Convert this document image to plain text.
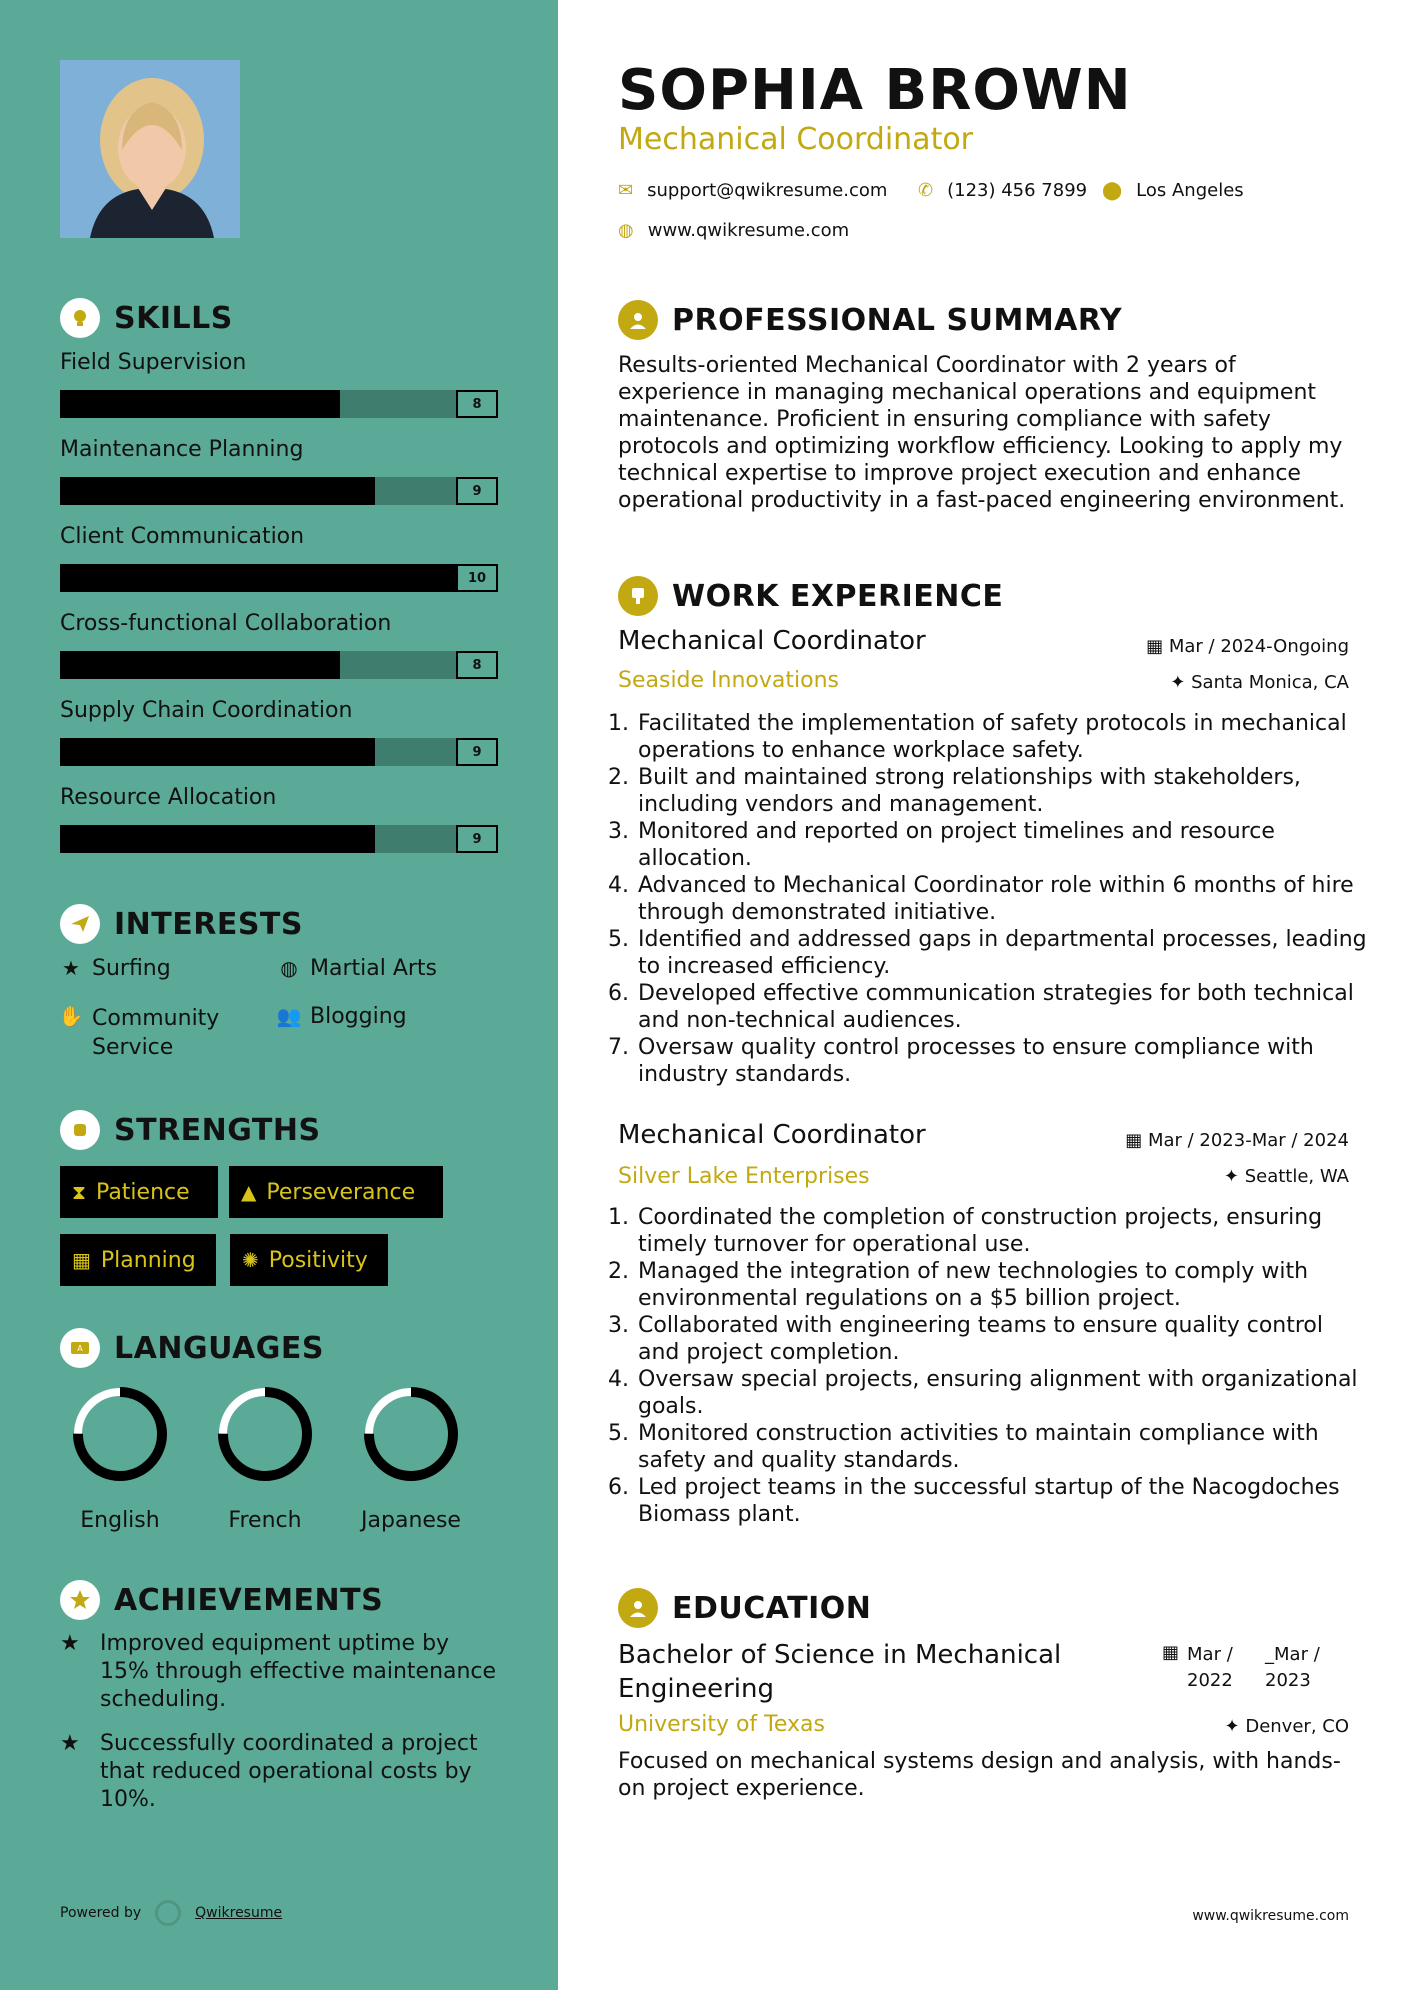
SKILLS
Field Supervision
8
Maintenance Planning
9
Client Communication
10
Cross-functional Collaboration
8
Supply Chain Coordination
9
Resource Allocation
9
INTERESTS
★ Surfing	◍ Martial Arts
✋ Community Service
👥 Blogging
STRENGTHS
⧗ Patience	▲ Perseverance
▦ Planning ✺ Positivity
A LANGUAGES
English	French	Japanese
ACHIEVEMENTS
★ Improved equipment uptime by 15% through effective maintenance scheduling.
★ Successfully coordinated a project that reduced operational costs by 10%.
Powered by	Qwikresume
SOPHIA BROWN
Mechanical Coordinator
✉ support@qwikresume.com ✆ (123) 456 7899 ⬤ Los Angeles
◍ www.qwikresume.com
PROFESSIONAL SUMMARY
Results-oriented Mechanical Coordinator with 2 years of experience in managing mechanical operations and equipment maintenance. Proficient in ensuring compliance with safety protocols and optimizing workflow efficiency. Looking to apply my technical expertise to improve project execution and enhance operational productivity in a fast-paced engineering environment.
WORK EXPERIENCE
Mechanical Coordinator	▦ Mar / 2024-Ongoing
Seaside Innovations	✦ Santa Monica, CA
1. Facilitated the implementation of safety protocols in mechanical operations to enhance workplace safety.
2. Built and maintained strong relationships with stakeholders, including vendors and management.
3. Monitored and reported on project timelines and resource allocation.
4. Advanced to Mechanical Coordinator role within 6 months of hire through demonstrated initiative.
5. Identified and addressed gaps in departmental processes, leading to increased efficiency.
6. Developed effective communication strategies for both technical and non-technical audiences.
7. Oversaw quality control processes to ensure compliance with industry standards.
Mechanical Coordinator	▦ Mar / 2023-Mar / 2024
Silver Lake Enterprises	✦ Seattle, WA
1. Coordinated the completion of construction projects, ensuring timely turnover for operational use.
2. Managed the integration of new technologies to comply with environmental regulations on a $5 billion project.
3. Collaborated with engineering teams to ensure quality control and project completion.
4. Oversaw special projects, ensuring alignment with organizational goals.
5. Monitored construction activities to maintain compliance with safety and quality standards.
6. Led project teams in the successful startup of the Nacogdoches Biomass plant.
EDUCATION
Bachelor of Science in Mechanical Engineering
▦ Mar / 2022
_Mar / 2023
University of Texas	✦ Denver, CO
Focused on mechanical systems design and analysis, with hands-on project experience.
www.qwikresume.com
